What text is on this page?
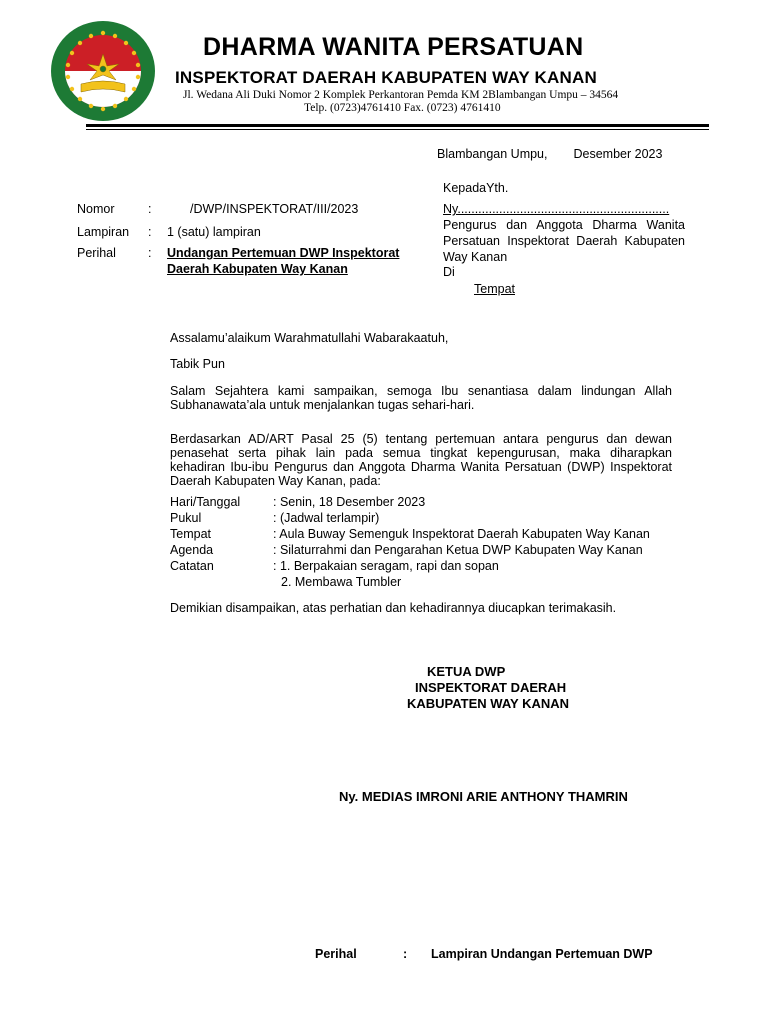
DHARMA WANITA PERSATUAN
INSPEKTORAT DAERAH KABUPATEN WAY KANAN
Jl. Wedana Ali Duki Nomor 2 Komplek Perkantoran Pemda KM 2Blambangan Umpu – 34564
Telp. (0723)4761410 Fax. (0723) 4761410
Blambangan Umpu, Desember 2023
KepadaYth.
Ny.............................................................
Pengurus dan Anggota Dharma Wanita Persatuan Inspektorat Daerah Kabupaten Way Kanan
Di
Tempat
Nomor	:	/DWP/INSPEKTORAT/III/2023
Lampiran : 1 (satu) lampiran
Perihal	: Undangan Pertemuan DWP Inspektorat
Daerah Kabupaten Way Kanan
Assalamu’alaikum Warahmatullahi Wabarakaatuh,
Tabik Pun
Salam Sejahtera kami sampaikan, semoga Ibu senantiasa dalam lindungan Allah Subhanawata’ala untuk menjalankan tugas sehari-hari.
Berdasarkan AD/ART Pasal 25 (5) tentang pertemuan antara pengurus dan dewan penasehat serta pihak lain pada semua tingkat kepengurusan, maka diharapkan kehadiran Ibu-ibu Pengurus dan Anggota Dharma Wanita Persatuan (DWP) Inspektorat Daerah Kabupaten Way Kanan, pada:
Hari/Tanggal	: Senin, 18 Desember 2023
Pukul	: (Jadwal terlampir)
Tempat	: Aula Buway Semenguk Inspektorat Daerah Kabupaten Way Kanan
Agenda	: Silaturrahmi dan Pengarahan Ketua DWP Kabupaten Way Kanan
Catatan	: 1. Berpakaian seragam, rapi dan sopan
2. Membawa Tumbler
Demikian disampaikan, atas perhatian dan kehadirannya diucapkan terimakasih.
KETUA DWP
INSPEKTORAT DAERAH
KABUPATEN WAY KANAN
Ny. MEDIAS IMRONI ARIE ANTHONY THAMRIN
Perihal	: Lampiran Undangan Pertemuan DWP
